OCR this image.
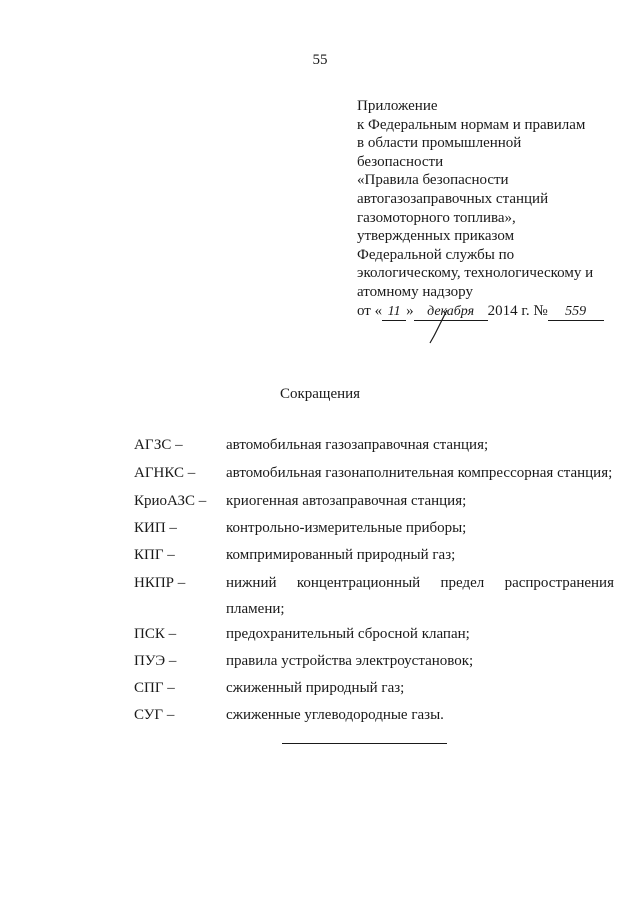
55
Приложение
к Федеральным нормам и правилам
в области промышленной
безопасности
«Правила безопасности
автогазозаправочных станций
газомоторного топлива»,
утвержденных приказом
Федеральной службы по
экологическому, технологическому и
атомному надзору
от « 11 » декабря 2014 г. № 559
Сокращения
АГЗС –	автомобильная газозаправочная станция;
АГНКС – автомобильная газонаполнительная компрессорная станция;
КриоАЗС – криогенная автозаправочная станция;
КИП –	контрольно-измерительные приборы;
КПГ –	компримированный природный газ;
НКПР –	нижний концентрационный предел распространения
пламени;
ПСК –	предохранительный сбросной клапан;
ПУЭ –	правила устройства электроустановок;
СПГ –	сжиженный природный газ;
СУГ –	сжиженные углеводородные газы.
